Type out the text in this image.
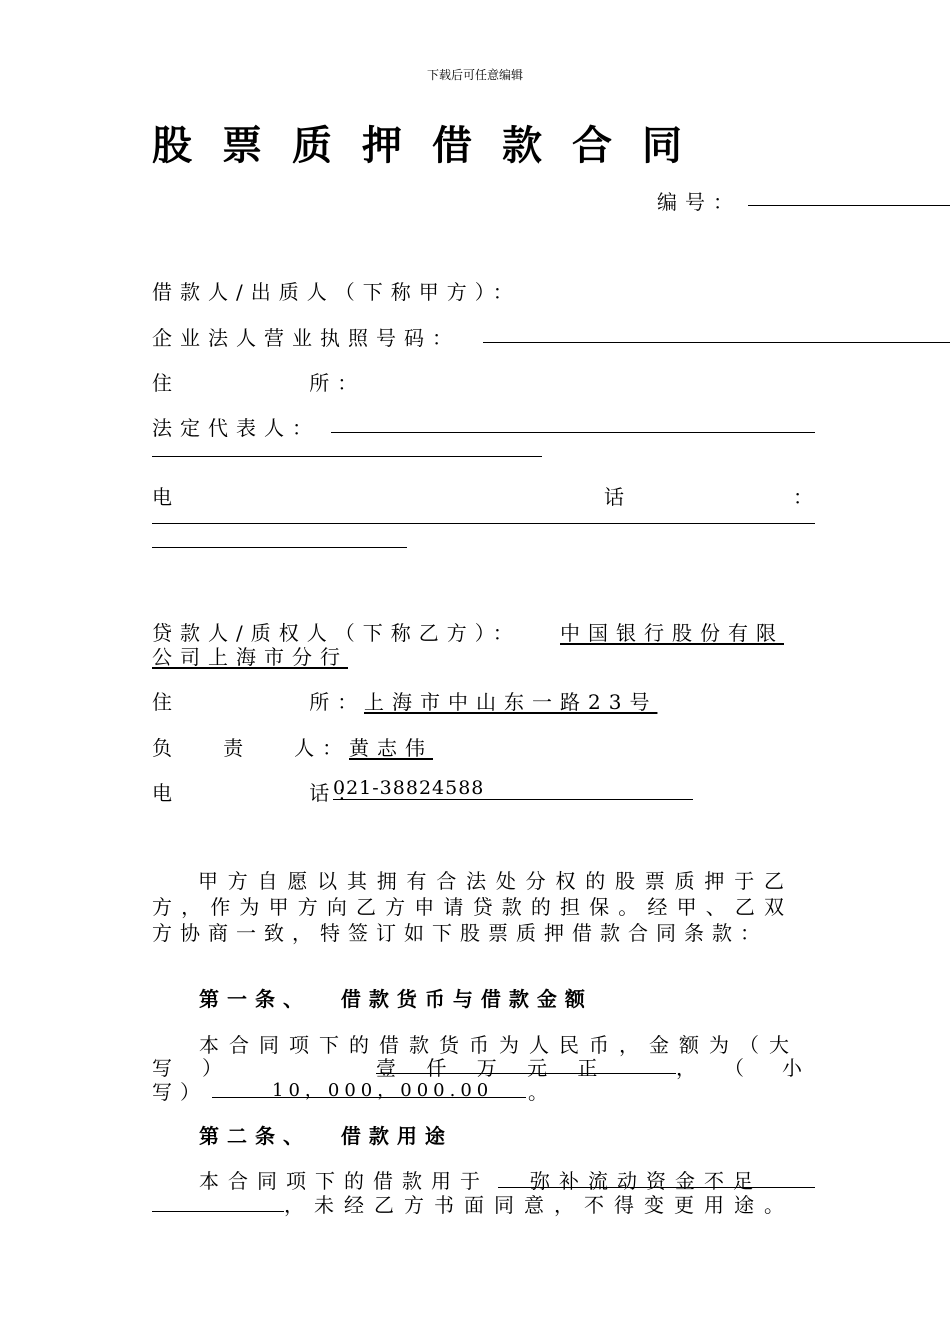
下载后可任意编辑
股票质押借款合同
编号：
借款人/出质人（下称甲方）：
企业法人营业执照号码：
住         所：
法定代表人：
电	话	：
贷款人/质权人（下称乙方）： 中国银行股份有限
公司上海市分行
住         所：
上海市中山东一路23号
负   责   人：
黄志伟
电         话：
021-38824588
甲方自愿以其拥有合法处分权的股票质押于乙方，作为甲方向乙方申请贷款的担保。经甲、乙双方协商一致，特签订如下股票质押借款合同条款：
第一条、  借款货币与借款金额
本合同项下的借款货币为人民币，金额为（大
写）	壹 仟 万 元 正	，（小
写）	10，000，000.00 。
第二条、  借款用途
本合同项下的借款用于 弥补流动资金不足
，未经乙方书面同意，不得变更用途。
